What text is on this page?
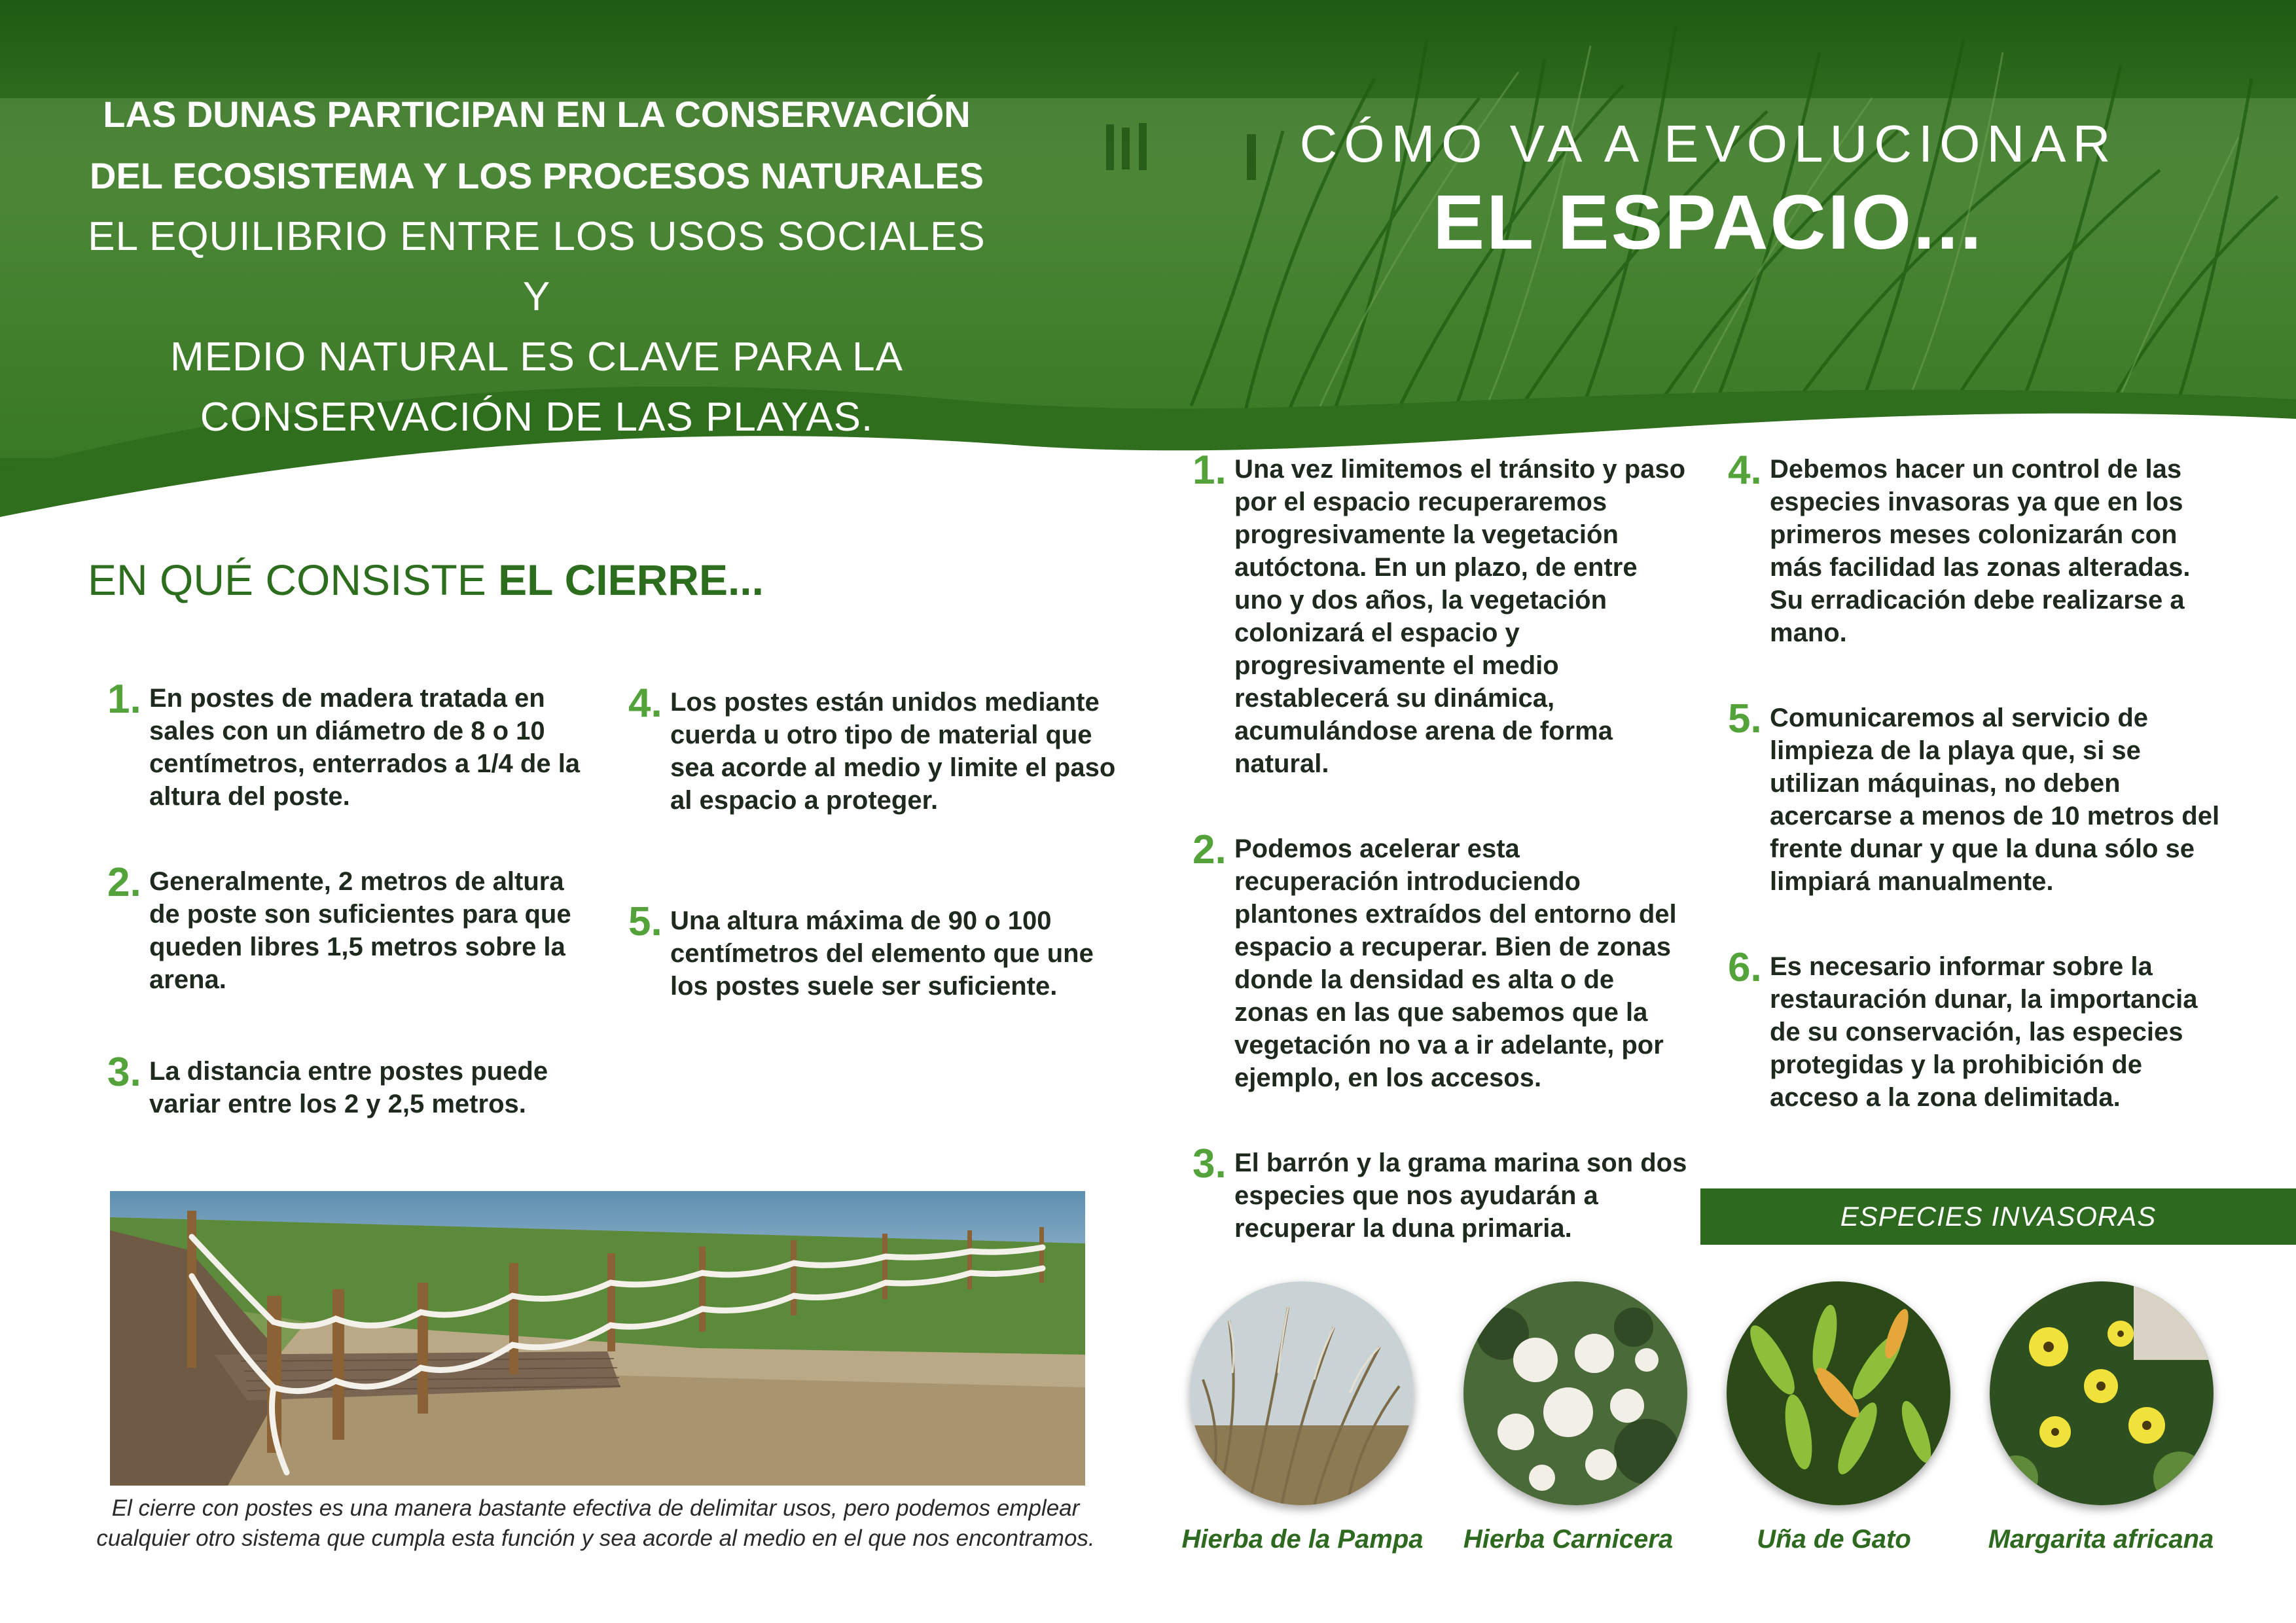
LAS DUNAS PARTICIPAN EN LA CONSERVACIÓN
DEL ECOSISTEMA Y LOS PROCESOS NATURALES
EL EQUILIBRIO ENTRE LOS USOS SOCIALES Y
MEDIO NATURAL ES CLAVE PARA LA
CONSERVACIÓN DE LAS PLAYAS.
CÓMO VA A EVOLUCIONAR
EL ESPACIO...
EN QUÉ CONSISTE EL CIERRE...
1. En postes de madera tratada en sales con un diámetro de 8 o 10 centímetros, enterrados a 1/4 de la altura del poste.
2. Generalmente, 2 metros de altura de poste son suficientes para que queden libres 1,5 metros sobre la arena.
3. La distancia entre postes puede variar entre los 2 y 2,5 metros.
4. Los postes están unidos mediante cuerda u otro tipo de material que sea acorde al medio y limite el paso al espacio a proteger.
5. Una altura máxima de 90 o 100 centímetros del elemento que une los postes suele ser suficiente.
El cierre con postes es una manera bastante efectiva de delimitar usos, pero podemos emplear cualquier otro sistema que cumpla esta función y sea acorde al medio en el que nos encontramos.
1. Una vez limitemos el tránsito y paso por el espacio recuperaremos progresivamente la vegetación autóctona. En un plazo, de entre uno y dos años, la vegetación colonizará el espacio y progresivamente el medio restablecerá su dinámica, acumulándose arena de forma natural.
2. Podemos acelerar esta recuperación introduciendo plantones extraídos del entorno del espacio a recuperar. Bien de zonas donde la densidad es alta o de zonas en las que sabemos que la vegetación no va a ir adelante, por ejemplo, en los accesos.
3. El barrón y la grama marina son dos especies que nos ayudarán a recuperar la duna primaria.
4. Debemos hacer un control de las especies invasoras ya que en los primeros meses colonizarán con más facilidad las zonas alteradas. Su erradicación debe realizarse a mano.
5. Comunicaremos al servicio de limpieza de la playa que, si se utilizan máquinas, no deben acercarse a menos de 10 metros del frente dunar y que la duna sólo se limpiará manualmente.
6. Es necesario informar sobre la restauración dunar, la importancia de su conservación, las especies protegidas y la prohibición de acceso a la zona delimitada.
ESPECIES INVASORAS
Hierba de la Pampa	Hierba Carnicera	Uña de Gato	Margarita africana
